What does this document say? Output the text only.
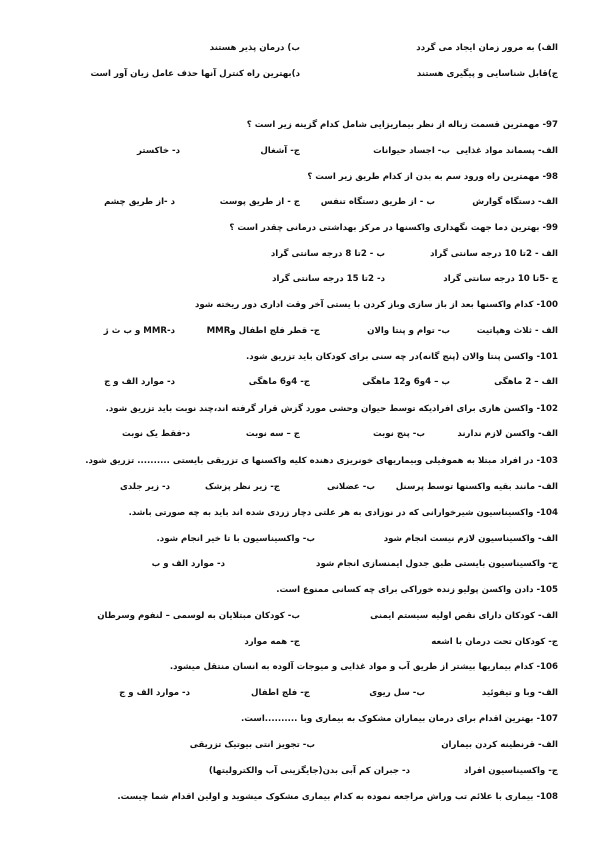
الف) به مرور زمان ایجاد می گردد
ب) درمان پذیر هستند
ج)قابل شناسایی و پیگیری هستند
د)بهترین راه کنترل آنها حذف عامل زیان آور است
97- مهمترین قسمت زباله از نظر بیماریزایی شامل کدام گزینه زیر است ؟
الف- پسماند مواد غذایی
ب- اجساد حیوانات
ج- آشغال
د- خاکستر
98- مهمترین راه ورود سم به بدن از کدام طریق زیر است ؟
الف- دستگاه گوارش
ب - از طریق دستگاه تنفس
ج - از طریق پوست
د -از طریق چشم
99- بهترین دما جهت نگهداری واکسنها در مرکز بهداشتی درمانی چقدر است ؟
الف - 2تا 10 درجه سانتی گراد
ب - 2تا 8 درجه سانتی گراد
ج -5تا 10 درجه سانتی گراد
د- 2تا 15 درجه سانتی گراد
100- کدام واکسنها بعد از باز سازی وباز کردن با یستی آخر وقت اداری دور ریخته شود
الف - ثلاث وهپاتیت
ب- توام و پنتا والان
ج- قطر فلج اطفال وMMR
د-MMR و ب ث ژ
101- واکسن پنتا والان (پنج گانه)در چه سنی برای کودکان باید تزریق شود.
الف – 2 ماهگی
ب – 4و6 و12 ماهگی
ج- 4و6 ماهگی
د- موارد الف و ج
102- واکسن هاری برای افرادیکه توسط حیوان وحشی مورد گزش قرار گرفته اند،چند نوبت باید تزریق شود.
الف- واکسن لازم ندارند
ب- پنج نوبت
ج – سه نوبت
د-فقط یک نوبت
103- در افراد مبتلا به هموفیلی وبیماریهای خونریزی دهنده کلیه واکسنها ی تزریقی بایستی .......... تزریق شود.
الف- مانند بقیه واکسنها توسط پرسنل
ب- عضلانی
ج- زیر نظر پزشک
د- زیر جلدی
104- واکسیناسیون شیرخوارانی که در نوزادی به هر علتی دچار زردی شده اند باید به چه صورتی باشد.
الف- واکسیناسیون لازم نیست انجام شود
ب- واکسیناسیون با تا خیر انجام شود.
ج- واکسیناسیون بایستی طبق جدول ایمنسازی انجام شود
د- موارد الف و ب
105- دادن واکسن پولیو زنده خوراکی برای چه کسانی ممنوع است.
الف- کودکان دارای نقص اولیه سیستم ایمنی
ب- کودکان مبتلایان به لوسمی – لنفوم وسرطان
ج- کودکان تحت درمان با اشعه
ج- همه موارد
106- کدام بیماریها بیشتر از طریق آب و مواد غذایی و میوجات آلوده به انسان منتقل میشود.
الف- وبا و تیفوئید
ب- سل ریوی
ج- فلج اطفال
د- موارد الف و ج
107- بهترین اقدام برای درمان بیماران مشکوک به بیماری وبا ..........است.
الف- قرنطینه کردن بیماران
ب- تجویز انتی بیوتیک تزریقی
ج- واکسیناسیون افراد
د- جبران کم آبی بدن(جایگزینی آب والکترولیتها)
108- بیماری با علائم تب وراش مراجعه نموده به کدام بیماری مشکوک میشوید و اولین اقدام شما چیست.
